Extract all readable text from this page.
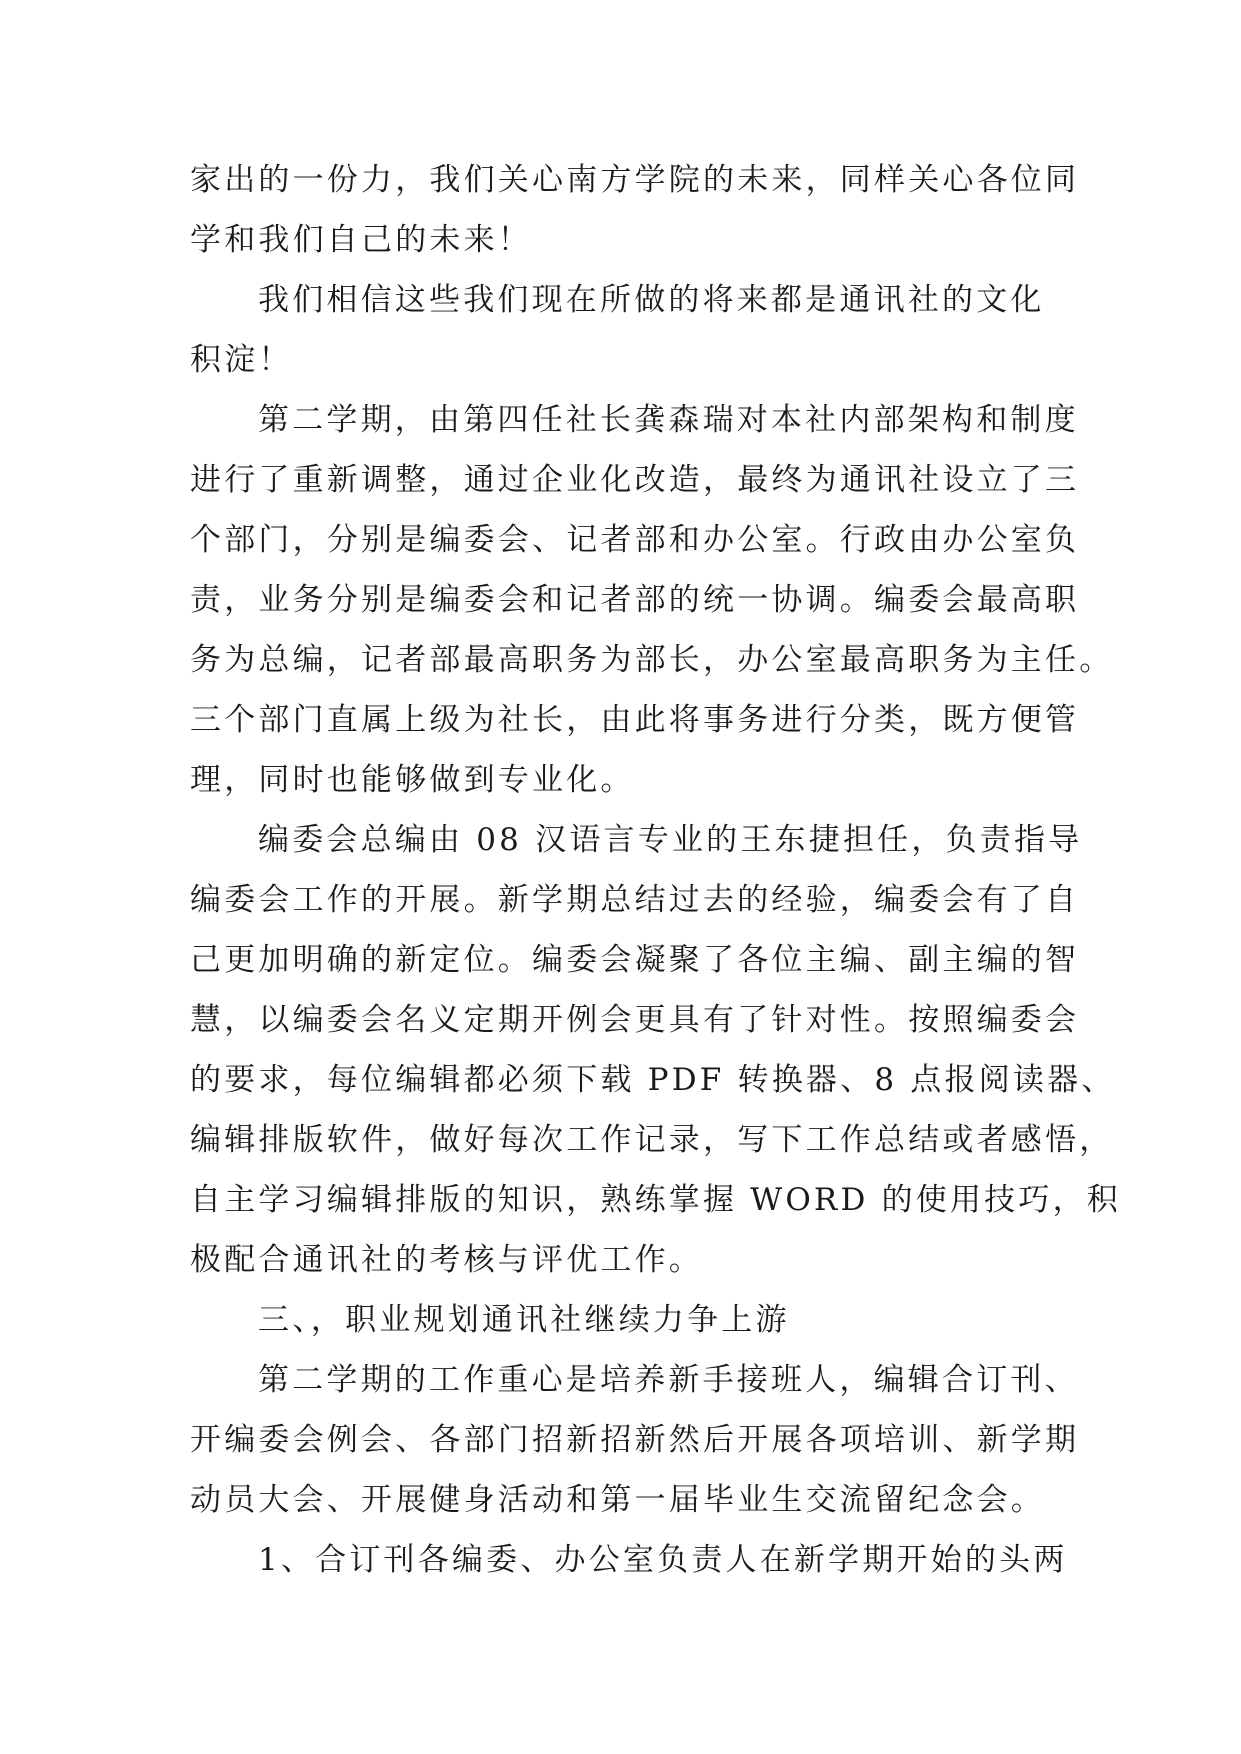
家出的一份力，我们关心南方学院的未来，同样关心各位同
学和我们自己的未来！
我们相信这些我们现在所做的将来都是通讯社的文化
积淀！
第二学期，由第四任社长龚森瑞对本社内部架构和制度
进行了重新调整，通过企业化改造，最终为通讯社设立了三
个部门，分别是编委会、记者部和办公室。行政由办公室负
责，业务分别是编委会和记者部的统一协调。编委会最高职
务为总编，记者部最高职务为部长，办公室最高职务为主任。
三个部门直属上级为社长，由此将事务进行分类，既方便管
理，同时也能够做到专业化。
编委会总编由 08 汉语言专业的王东捷担任，负责指导
编委会工作的开展。新学期总结过去的经验，编委会有了自
己更加明确的新定位。编委会凝聚了各位主编、副主编的智
慧，以编委会名义定期开例会更具有了针对性。按照编委会
的要求，每位编辑都必须下载 PDF 转换器、8 点报阅读器、
编辑排版软件，做好每次工作记录，写下工作总结或者感悟，
自主学习编辑排版的知识，熟练掌握 WORD 的使用技巧，积
极配合通讯社的考核与评优工作。
三、，职业规划通讯社继续力争上游
第二学期的工作重心是培养新手接班人，编辑合订刊、
开编委会例会、各部门招新招新然后开展各项培训、新学期
动员大会、开展健身活动和第一届毕业生交流留纪念会。
1、合订刊各编委、办公室负责人在新学期开始的头两
